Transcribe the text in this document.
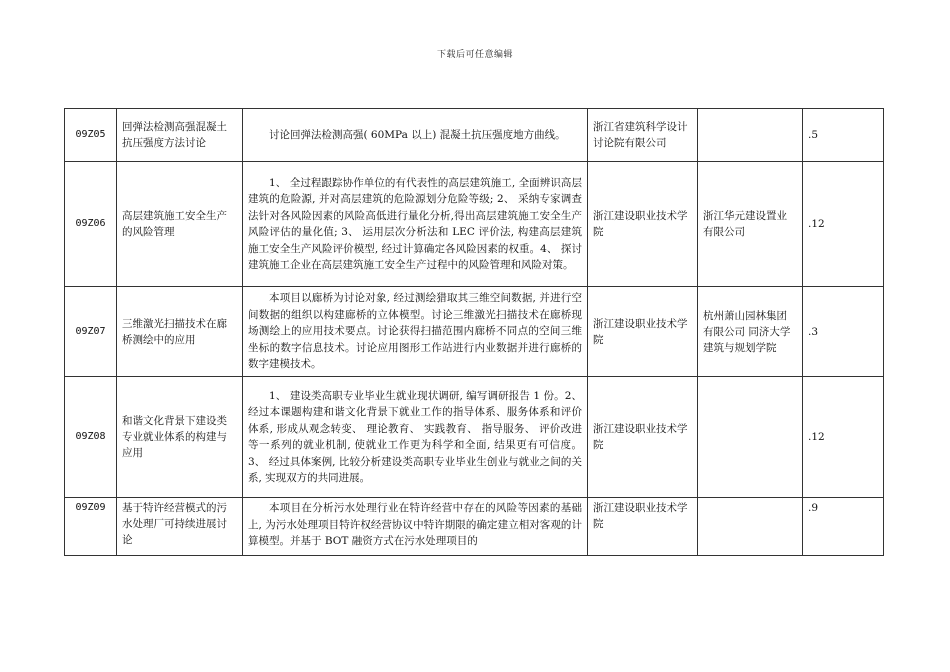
下载后可任意编辑
09Z05	回弹法检测高强混凝土抗压强度方法讨论	讨论回弹法检测高强( 60MPa 以上) 混凝土抗压强度地方曲线。	浙江省建筑科学设计讨论院有限公司		.5
09Z06	高层建筑施工安全生产的风险管理	1、 全过程跟踪协作单位的有代表性的高层建筑施工, 全面辨识高层建筑的危险源, 并对高层建筑的危险源划分危险等级; 2、 采纳专家调查法针对各风险因素的风险高低进行量化分析,得出高层建筑施工安全生产风险评估的量化值; 3、 运用层次分析法和 LEC 评价法, 构建高层建筑施工安全生产风险评价模型, 经过计算确定各风险因素的权重。4、 探讨建筑施工企业在高层建筑施工安全生产过程中的风险管理和风险对策。	浙江建设职业技术学院	浙江华元建设置业有限公司	.12
09Z07	三维激光扫描技术在廊桥测绘中的应用	本项目以廊桥为讨论对象, 经过测绘猎取其三维空间数据, 并进行空间数据的组织以构建廊桥的立体模型。讨论三维激光扫描技术在廊桥现场测绘上的应用技术要点。讨论获得扫描范围内廊桥不同点的空间三维坐标的数字信息技术。讨论应用图形工作站进行内业数据并进行廊桥的数字建模技术。	浙江建设职业技术学院	杭州萧山园林集团有限公司 同济大学建筑与规划学院	.3
09Z08	和谐文化背景下建设类专业就业体系的构建与应用	1、 建设类高职专业毕业生就业现状调研, 编写调研报告 1 份。2、 经过本课题构建和谐文化背景下就业工作的指导体系、服务体系和评价体系, 形成从观念转变、 理论教育、 实践教育、 指导服务、 评价改进等一系列的就业机制, 使就业工作更为科学和全面, 结果更有可信度。3、 经过具体案例, 比较分析建设类高职专业毕业生创业与就业之间的关系, 实现双方的共同进展。	浙江建设职业技术学院		.12
09Z09	基于特许经营模式的污水处理厂可持续进展讨论	本项目在分析污水处理行业在特许经营中存在的风险等因素的基础上, 为污水处理项目特许权经营协议中特许期限的确定建立相对客观的计算模型。并基于 BOT 融资方式在污水处理项目的	浙江建设职业技术学院		.9
